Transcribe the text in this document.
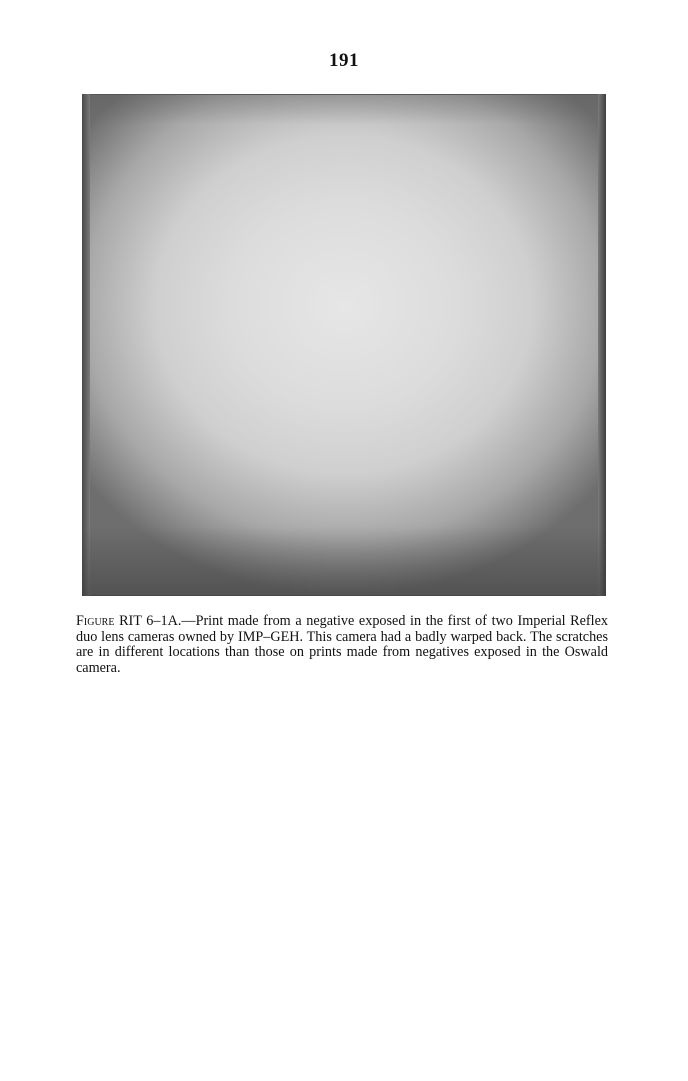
191
Figure RIT 6–1A.—Print made from a negative exposed in the first of two Imperial Reflex duo lens cameras owned by IMP–GEH. This camera had a badly warped back. The scratches are in different locations than those on prints made from negatives exposed in the Oswald camera.
